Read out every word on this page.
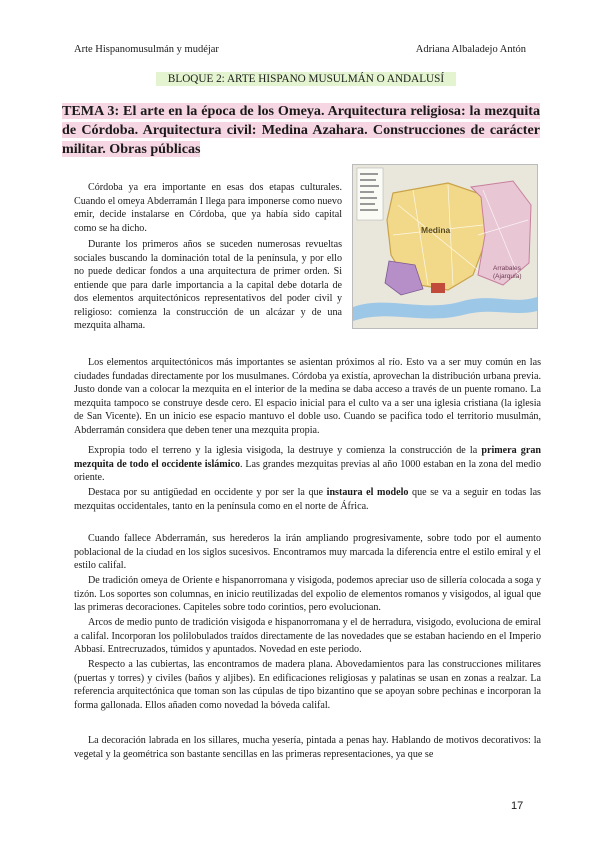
Arte Hispanomusulmán y mudéjar	Adriana Albaladejo Antón
BLOQUE 2: ARTE HISPANO MUSULMÁN O ANDALUSÍ
TEMA 3: El arte en la época de los Omeya. Arquitectura religiosa: la mezquita de Córdoba. Arquitectura civil: Medina Azahara. Construcciones de carácter militar. Obras públicas

Córdoba ya era importante en esas dos etapas culturales. Cuando el omeya Abderramán I llega para imponerse como nuevo emir, decide instalarse en Córdoba, que ya había sido capital como se ha dicho.

Durante los primeros años se suceden numerosas revueltas sociales buscando la dominación total de la península, y por ello no puede dedicar fondos a una arquitectura de primer orden. Si entiende que para darle importancia a la capital debe dotarla de dos elementos arquitectónicos representativos del poder civil y religioso: comienza la construcción de un alcázar y de una mezquita alhama.

Medina
Arrabales (Ajarquía)

Los elementos arquitectónicos más importantes se asientan próximos al río. Esto va a ser muy común en las ciudades fundadas directamente por los musulmanes. Córdoba ya existía, aprovechan la distribución urbana previa. Justo donde van a colocar la mezquita en el interior de la medina se daba acceso a través de un puente romano. La mezquita tampoco se construye desde cero. El espacio inicial para el culto va a ser una iglesia cristiana (la iglesia de San Vicente). En un inicio ese espacio mantuvo el doble uso. Cuando se pacifica todo el territorio musulmán, Abderramán considera que deben tener una mezquita propia.

Expropia todo el terreno y la iglesia visigoda, la destruye y comienza la construcción de la primera gran mezquita de todo el occidente islámico. Las grandes mezquitas previas al año 1000 estaban en la zona del medio oriente.

Destaca por su antigüedad en occidente y por ser la que instaura el modelo que se va a seguir en todas las mezquitas occidentales, tanto en la península como en el norte de África.

Cuando fallece Abderramán, sus herederos la irán ampliando progresivamente, sobre todo por el aumento poblacional de la ciudad en los siglos sucesivos. Encontramos muy marcada la diferencia entre el estilo emiral y el estilo califal.

De tradición omeya de Oriente e hispanorromana y visigoda, podemos apreciar uso de sillería colocada a soga y tizón. Los soportes son columnas, en inicio reutilizadas del expolio de elementos romanos y visigodos, al igual que las primeras decoraciones. Capiteles sobre todo corintios, pero evolucionan.

Arcos de medio punto de tradición visigoda e hispanorromana y el de herradura, visigodo, evoluciona de emiral a califal. Incorporan los polilobulados traídos directamente de las novedades que se estaban haciendo en el Imperio Abbasí. Entrecruzados, túmidos y apuntados. Novedad en este periodo.

Respecto a las cubiertas, las encontramos de madera plana. Abovedamientos para las construcciones militares (puertas y torres) y civiles (baños y aljibes). En edificaciones religiosas y palatinas se usan en zonas a realzar. La referencia arquitectónica que toman son las cúpulas de tipo bizantino que se apoyan sobre pechinas e incorporan la forma gallonada. Ellos añaden como novedad la bóveda califal.

La decoración labrada en los sillares, mucha yesería, pintada a penas hay. Hablando de motivos decorativos: la vegetal y la geométrica son bastante sencillas en las primeras representaciones, ya que se

17
